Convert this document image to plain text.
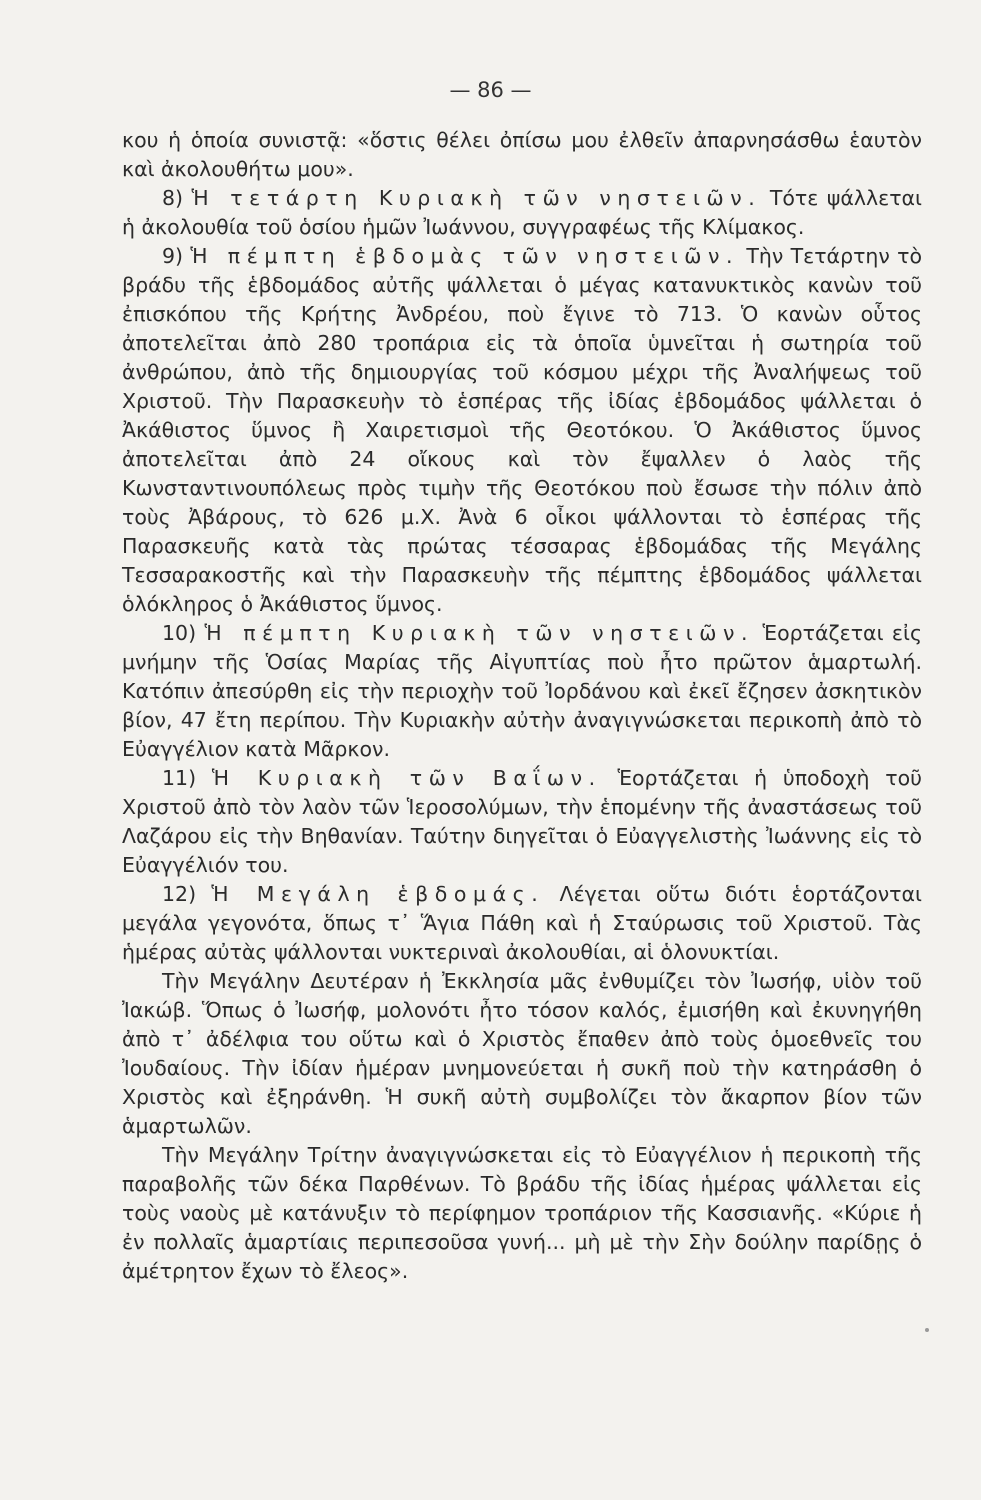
— 86 —

κου ἡ ὁποία συνιστᾷ: «ὅστις θέλει ὀπίσω μου ἐλθεῖν ἀπαρνησάσθω ἑαυτὸν καὶ ἀκολουθήτω μου».

8) Ἡ τετάρτη Κυριακὴ τῶν νηστειῶν. Τότε ψάλλεται ἡ ἀκολουθία τοῦ ὁσίου ἡμῶν Ἰωάννου, συγγραφέως τῆς Κλίμακος.

9) Ἡ πέμπτη ἑβδομὰς τῶν νηστειῶν. Τὴν Τετάρτην τὸ βράδυ τῆς ἑβδομάδος αὐτῆς ψάλλεται ὁ μέγας κατανυκτικὸς κανὼν τοῦ ἐπισκόπου τῆς Κρήτης Ἀνδρέου, ποὺ ἔγινε τὸ 713. Ὁ κανὼν οὗτος ἀποτελεῖται ἀπὸ 280 τροπάρια εἰς τὰ ὁποῖα ὑμνεῖται ἡ σωτηρία τοῦ ἀνθρώπου, ἀπὸ τῆς δημιουργίας τοῦ κόσμου μέχρι τῆς Ἀναλήψεως τοῦ Χριστοῦ. Τὴν Παρασκευὴν τὸ ἑσπέρας τῆς ἰδίας ἑβδομάδος ψάλλεται ὁ Ἀκάθιστος ὕμνος ἢ Χαιρετισμοὶ τῆς Θεοτόκου. Ὁ Ἀκάθιστος ὕμνος ἀποτελεῖται ἀπὸ 24 οἴκους καὶ τὸν ἔψαλλεν ὁ λαὸς τῆς Κωνσταντινουπόλεως πρὸς τιμὴν τῆς Θεοτόκου ποὺ ἔσωσε τὴν πόλιν ἀπὸ τοὺς Ἀβάρους, τὸ 626 μ.Χ. Ἀνὰ 6 οἶκοι ψάλλονται τὸ ἑσπέρας τῆς Παρασκευῆς κατὰ τὰς πρώτας τέσσαρας ἑβδομάδας τῆς Μεγάλης Τεσσαρακοστῆς καὶ τὴν Παρασκευὴν τῆς πέμπτης ἑβδομάδος ψάλλεται ὁλόκληρος ὁ Ἀκάθιστος ὕμνος.

10) Ἡ πέμπτη Κυριακὴ τῶν νηστειῶν. Ἑορτάζεται εἰς μνήμην τῆς Ὁσίας Μαρίας τῆς Αἰγυπτίας ποὺ ἦτο πρῶτον ἁμαρτωλή. Κατόπιν ἀπεσύρθη εἰς τὴν περιοχὴν τοῦ Ἰορδάνου καὶ ἐκεῖ ἔζησεν ἀσκητικὸν βίον, 47 ἔτη περίπου. Τὴν Κυριακὴν αὐτὴν ἀναγιγνώσκεται περικοπὴ ἀπὸ τὸ Εὐαγγέλιον κατὰ Μᾶρκον.

11) Ἡ Κυριακὴ τῶν Βαΐων. Ἑορτάζεται ἡ ὑποδοχὴ τοῦ Χριστοῦ ἀπὸ τὸν λαὸν τῶν Ἱεροσολύμων, τὴν ἑπομένην τῆς ἀναστάσεως τοῦ Λαζάρου εἰς τὴν Βηθανίαν. Ταύτην διηγεῖται ὁ Εὐαγγελιστὴς Ἰωάννης εἰς τὸ Εὐαγγέλιόν του.

12) Ἡ Μεγάλη ἑβδομάς. Λέγεται οὕτω διότι ἑορτάζονται μεγάλα γεγονότα, ὅπως τ᾽ Ἅγια Πάθη καὶ ἡ Σταύρωσις τοῦ Χριστοῦ. Τὰς ἡμέρας αὐτὰς ψάλλονται νυκτεριναὶ ἀκολουθίαι, αἱ ὁλονυκτίαι.

Τὴν Μεγάλην Δευτέραν ἡ Ἐκκλησία μᾶς ἐνθυμίζει τὸν Ἰωσήφ, υἱὸν τοῦ Ἰακώβ. Ὅπως ὁ Ἰωσήφ, μολονότι ἦτο τόσον καλός, ἐμισήθη καὶ ἐκυνηγήθη ἀπὸ τ᾽ ἀδέλφια του οὕτω καὶ ὁ Χριστὸς ἔπαθεν ἀπὸ τοὺς ὁμοεθνεῖς του Ἰουδαίους. Τὴν ἰδίαν ἡμέραν μνημονεύεται ἡ συκῆ ποὺ τὴν κατηράσθη ὁ Χριστὸς καὶ ἐξηράνθη. Ἡ συκῆ αὐτὴ συμβολίζει τὸν ἄκαρπον βίον τῶν ἁμαρτωλῶν.

Τὴν Μεγάλην Τρίτην ἀναγιγνώσκεται εἰς τὸ Εὐαγγέλιον ἡ περικοπὴ τῆς παραβολῆς τῶν δέκα Παρθένων. Τὸ βράδυ τῆς ἰδίας ἡμέρας ψάλλεται εἰς τοὺς ναοὺς μὲ κατάνυξιν τὸ περίφημον τροπάριον τῆς Κασσιανῆς. «Κύριε ἡ ἐν πολλαῖς ἁμαρτίαις περιπεσοῦσα γυνή... μὴ μὲ τὴν Σὴν δούλην παρίδῃς ὁ ἀμέτρητον ἔχων τὸ ἔλεος».
